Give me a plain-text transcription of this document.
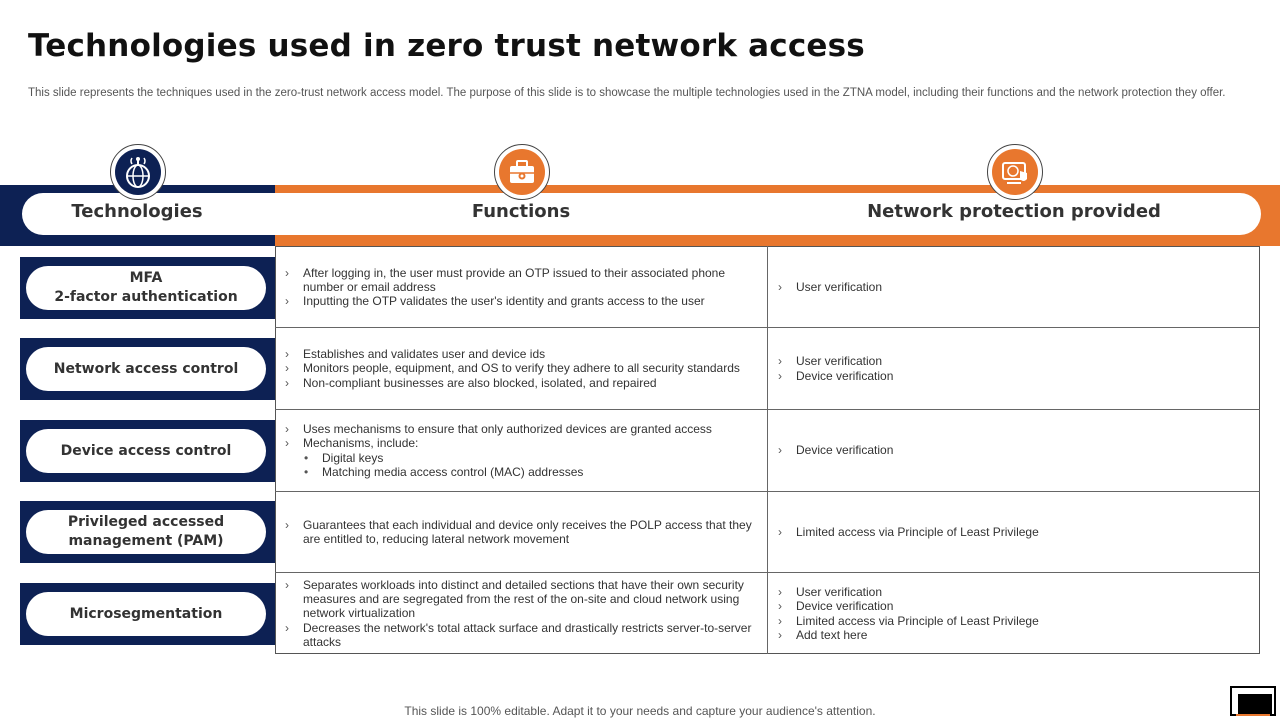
Technologies used in zero trust network access

This slide represents the techniques used in the zero-trust network access model. The purpose of this slide is to showcase the multiple technologies used in the ZTNA model, including their functions and the network protection they offer.

Technologies	Functions	Network protection provided
MFA
2-factor authentication
Network access control
Device access control
Privileged accessed management (PAM)
Microsegmentation
› After logging in, the user must provide an OTP issued to their associated phone number or email address
› Inputting the OTP validates the user's identity and grants access to the user
› Establishes and validates user and device ids
› Monitors people, equipment, and OS to verify they adhere to all security standards
› Non-compliant businesses are also blocked, isolated, and repaired
› Uses mechanisms to ensure that only authorized devices are granted access
› Mechanisms, include:
• Digital keys
• Matching media access control (MAC) addresses
› Guarantees that each individual and device only receives the POLP access that they are entitled to, reducing lateral network movement
› Separates workloads into distinct and detailed sections that have their own security measures and are segregated from the rest of the on-site and cloud network using network virtualization
› Decreases the network's total attack surface and drastically restricts server-to-server attacks
› User verification
› User verification
› Device verification
› Device verification
› Limited access via Principle of Least Privilege
› User verification
› Device verification
› Limited access via Principle of Least Privilege
› Add text here
This slide is 100% editable. Adapt it to your needs and capture your audience's attention.
